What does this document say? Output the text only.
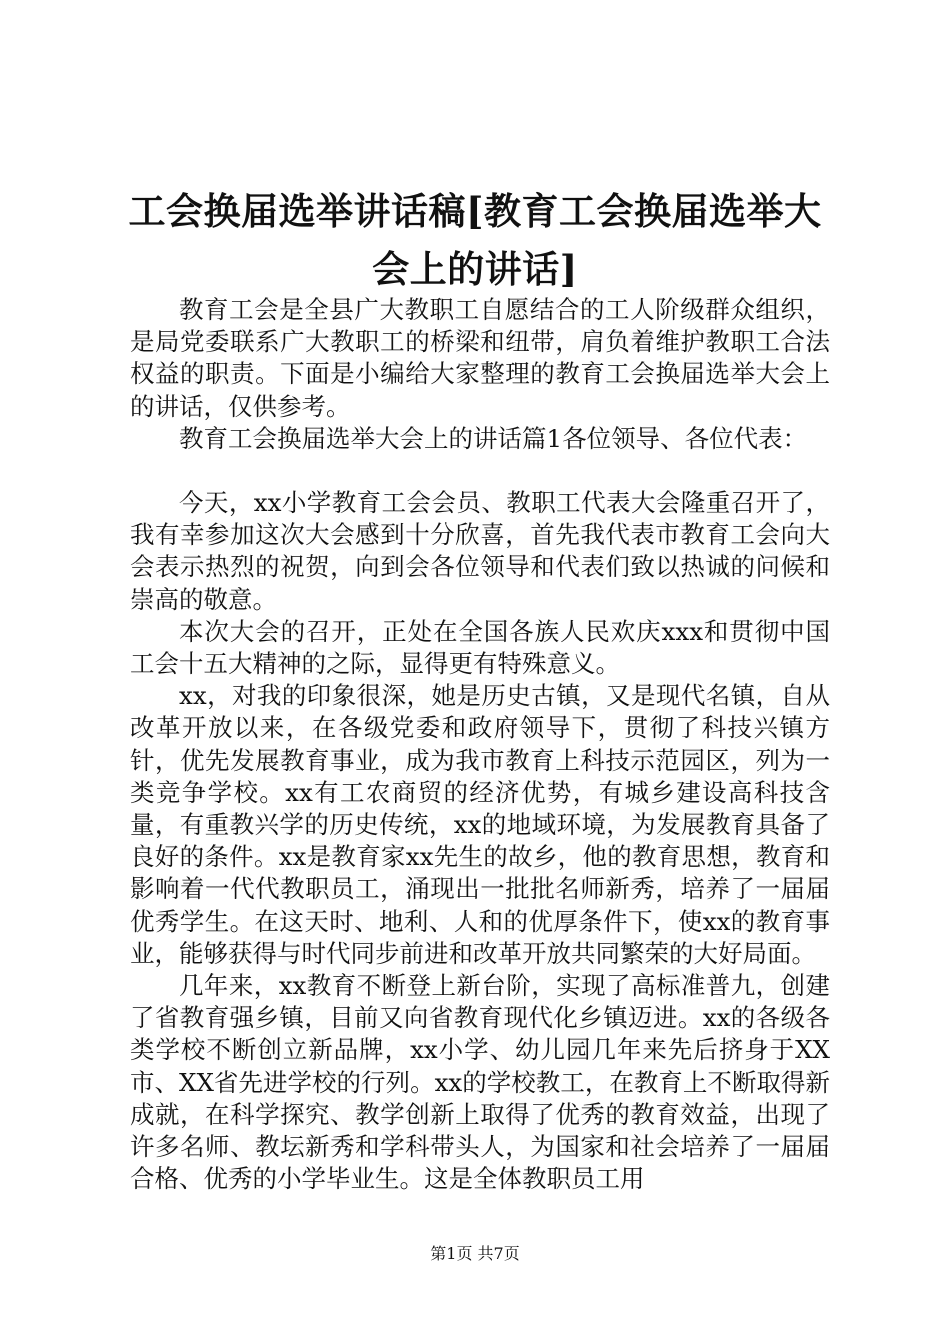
工会换届选举讲话稿[教育工会换届选举大会上的讲话]

教育工会是全县广大教职工自愿结合的工人阶级群众组织，是局党委联系广大教职工的桥梁和纽带，肩负着维护教职工合法权益的职责。下面是小编给大家整理的教育工会换届选举大会上的讲话，仅供参考。

教育工会换届选举大会上的讲话篇1各位领导、各位代表：

今天，xx小学教育工会会员、教职工代表大会隆重召开了，我有幸参加这次大会感到十分欣喜，首先我代表市教育工会向大会表示热烈的祝贺，向到会各位领导和代表们致以热诚的问候和崇高的敬意。

本次大会的召开，正处在全国各族人民欢庆xxx和贯彻中国工会十五大精神的之际，显得更有特殊意义。

xx，对我的印象很深，她是历史古镇，又是现代名镇，自从改革开放以来，在各级党委和政府领导下，贯彻了科技兴镇方针，优先发展教育事业，成为我市教育上科技示范园区，列为一类竞争学校。xx有工农商贸的经济优势，有城乡建设高科技含量，有重教兴学的历史传统，xx的地域环境，为发展教育具备了良好的条件。xx是教育家xx先生的故乡，他的教育思想，教育和影响着一代代教职员工，涌现出一批批名师新秀，培养了一届届优秀学生。在这天时、地利、人和的优厚条件下，使xx的教育事业，能够获得与时代同步前进和改革开放共同繁荣的大好局面。

几年来，xx教育不断登上新台阶，实现了高标准普九，创建了省教育强乡镇，目前又向省教育现代化乡镇迈进。xx的各级各类学校不断创立新品牌，xx小学、幼儿园几年来先后挤身于XX市、XX省先进学校的行列。xx的学校教工，在教育上不断取得新成就，在科学探究、教学创新上取得了优秀的教育效益，出现了许多名师、教坛新秀和学科带头人，为国家和社会培养了一届届合格、优秀的小学毕业生。这是全体教职员工用

第1页 共7页
